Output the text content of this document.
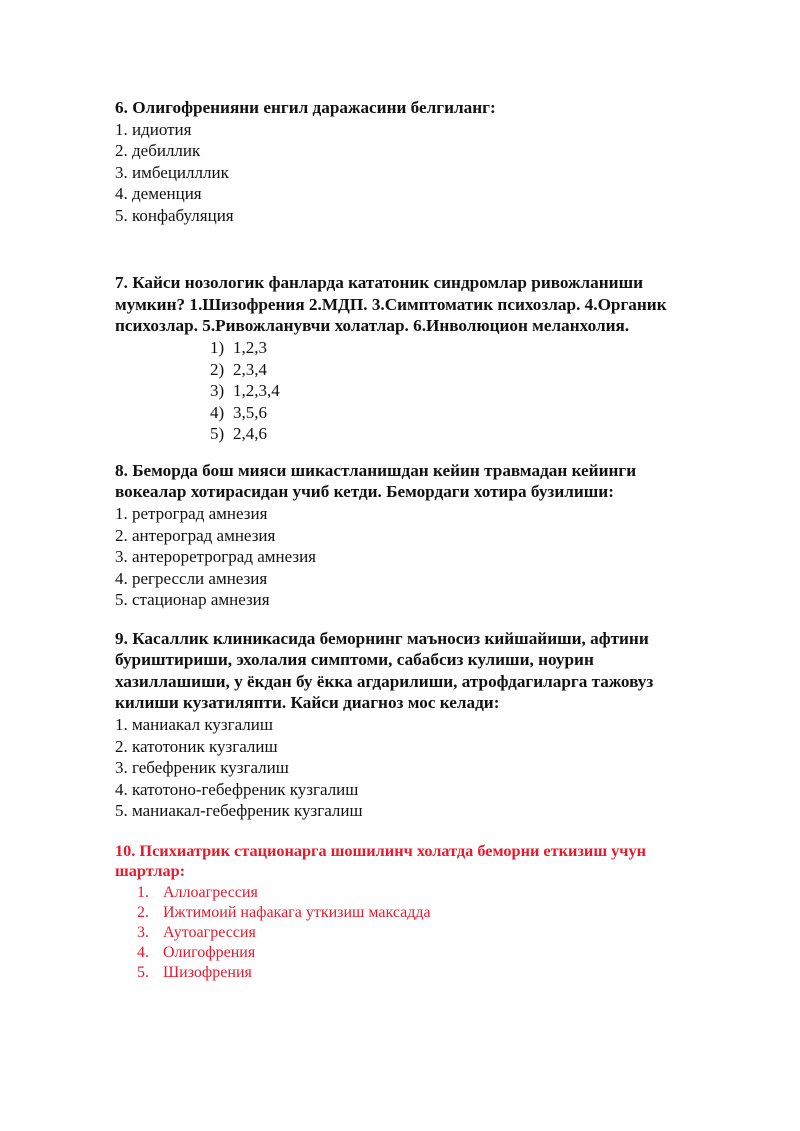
6. Олигофренияни енгил даражасини белгиланг:

1. идиотия

2. дебиллик

3. имбецилллик

4. деменция

5. конфабуляция

7. Кайси нозологик фанларда кататоник синдромлар ривожланиши

мумкин? 1.Шизофрения 2.МДП. 3.Симптоматик психозлар. 4.Органик

психозлар. 5.Ривожланувчи холатлар. 6.Инволюцион меланхолия.

1) 1,2,3
2) 2,3,4
3) 1,2,3,4
4) 3,5,6
5) 2,4,6

8. Беморда бош мияси шикастланишдан кейин травмадан кейинги

вокеалар хотирасидан учиб кетди. Бемордаги хотира бузилиши:

1. ретроград амнезия

2. антероград амнезия

3. антероретроград амнезия

4. регрессли амнезия

5. стационар амнезия

9. Касаллик клиникасида беморнинг маъносиз кийшайиши, афтини

буриштириши, эхолалия симптоми, сабабсиз кулиши, ноурин

хазиллашиши, у ёкдан бу ёкка агдарилиши, атрофдагиларга тажовуз

килиши кузатиляпти. Кайси диагноз мос келади:

1. маниакал кузгалиш

2. катотоник кузгалиш

3. гебефреник кузгалиш

4. катотоно-гебефреник кузгалиш

5. маниакал-гебефреник кузгалиш

10. Психиатрик стационарга шошилинч холатда беморни еткизиш учун

шартлар:

1. Аллоагрессия
2. Ижтимоий нафакага уткизиш максадда
3. Аутоагрессия
4. Олигофрения
5. Шизофрения
